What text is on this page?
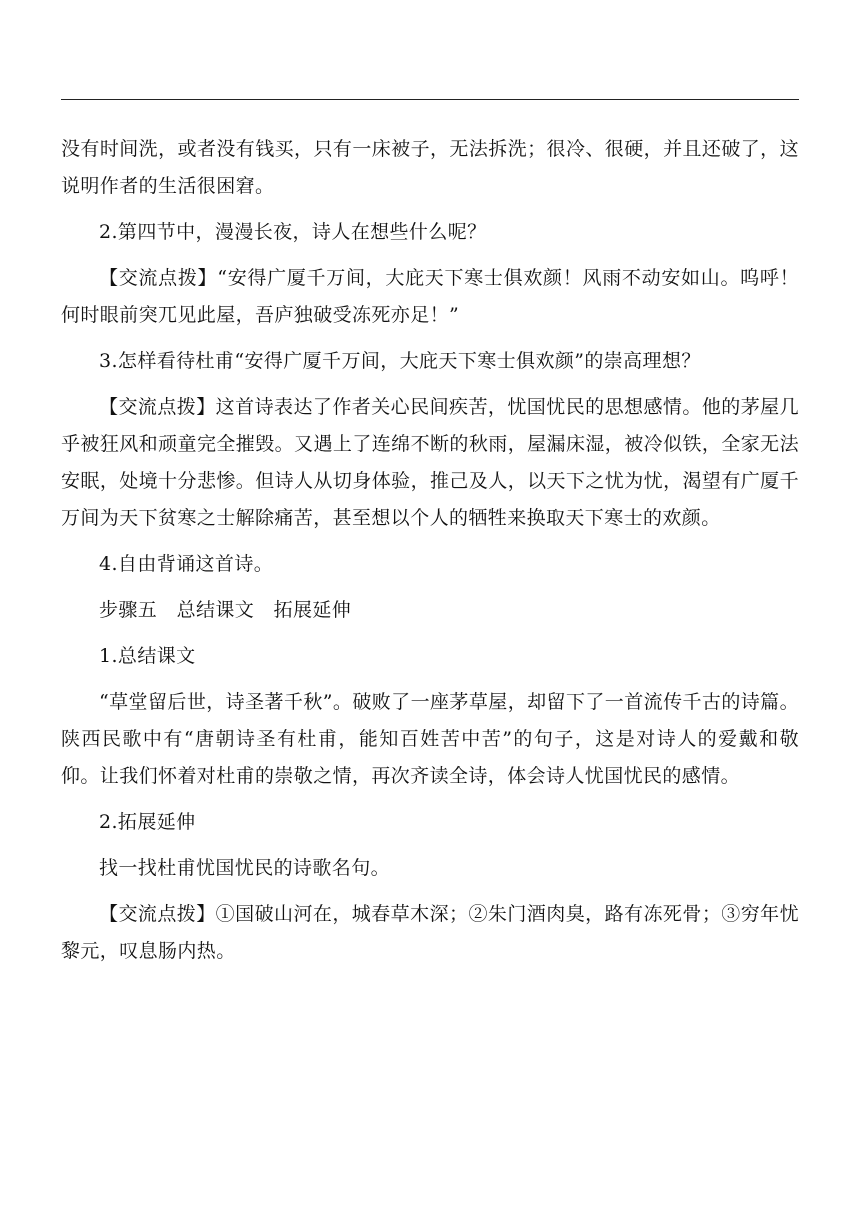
没有时间洗，或者没有钱买，只有一床被子，无法拆洗；很冷、很硬，并且还破了，这说明作者的生活很困窘。

2.第四节中，漫漫长夜，诗人在想些什么呢？

【交流点拨】“安得广厦千万间，大庇天下寒士俱欢颜！风雨不动安如山。呜呼！何时眼前突兀见此屋，吾庐独破受冻死亦足！”

3.怎样看待杜甫“安得广厦千万间，大庇天下寒士俱欢颜”的崇高理想？

【交流点拨】这首诗表达了作者关心民间疾苦，忧国忧民的思想感情。他的茅屋几乎被狂风和顽童完全摧毁。又遇上了连绵不断的秋雨，屋漏床湿，被冷似铁，全家无法安眠，处境十分悲惨。但诗人从切身体验，推己及人，以天下之忧为忧，渴望有广厦千万间为天下贫寒之士解除痛苦，甚至想以个人的牺牲来换取天下寒士的欢颜。

4.自由背诵这首诗。

步骤五　总结课文　拓展延伸

1.总结课文

“草堂留后世，诗圣著千秋”。破败了一座茅草屋，却留下了一首流传千古的诗篇。陕西民歌中有“唐朝诗圣有杜甫，能知百姓苦中苦”的句子，这是对诗人的爱戴和敬仰。让我们怀着对杜甫的崇敬之情，再次齐读全诗，体会诗人忧国忧民的感情。

2.拓展延伸

找一找杜甫忧国忧民的诗歌名句。

【交流点拨】①国破山河在，城春草木深；②朱门酒肉臭，路有冻死骨；③穷年忧黎元，叹息肠内热。
